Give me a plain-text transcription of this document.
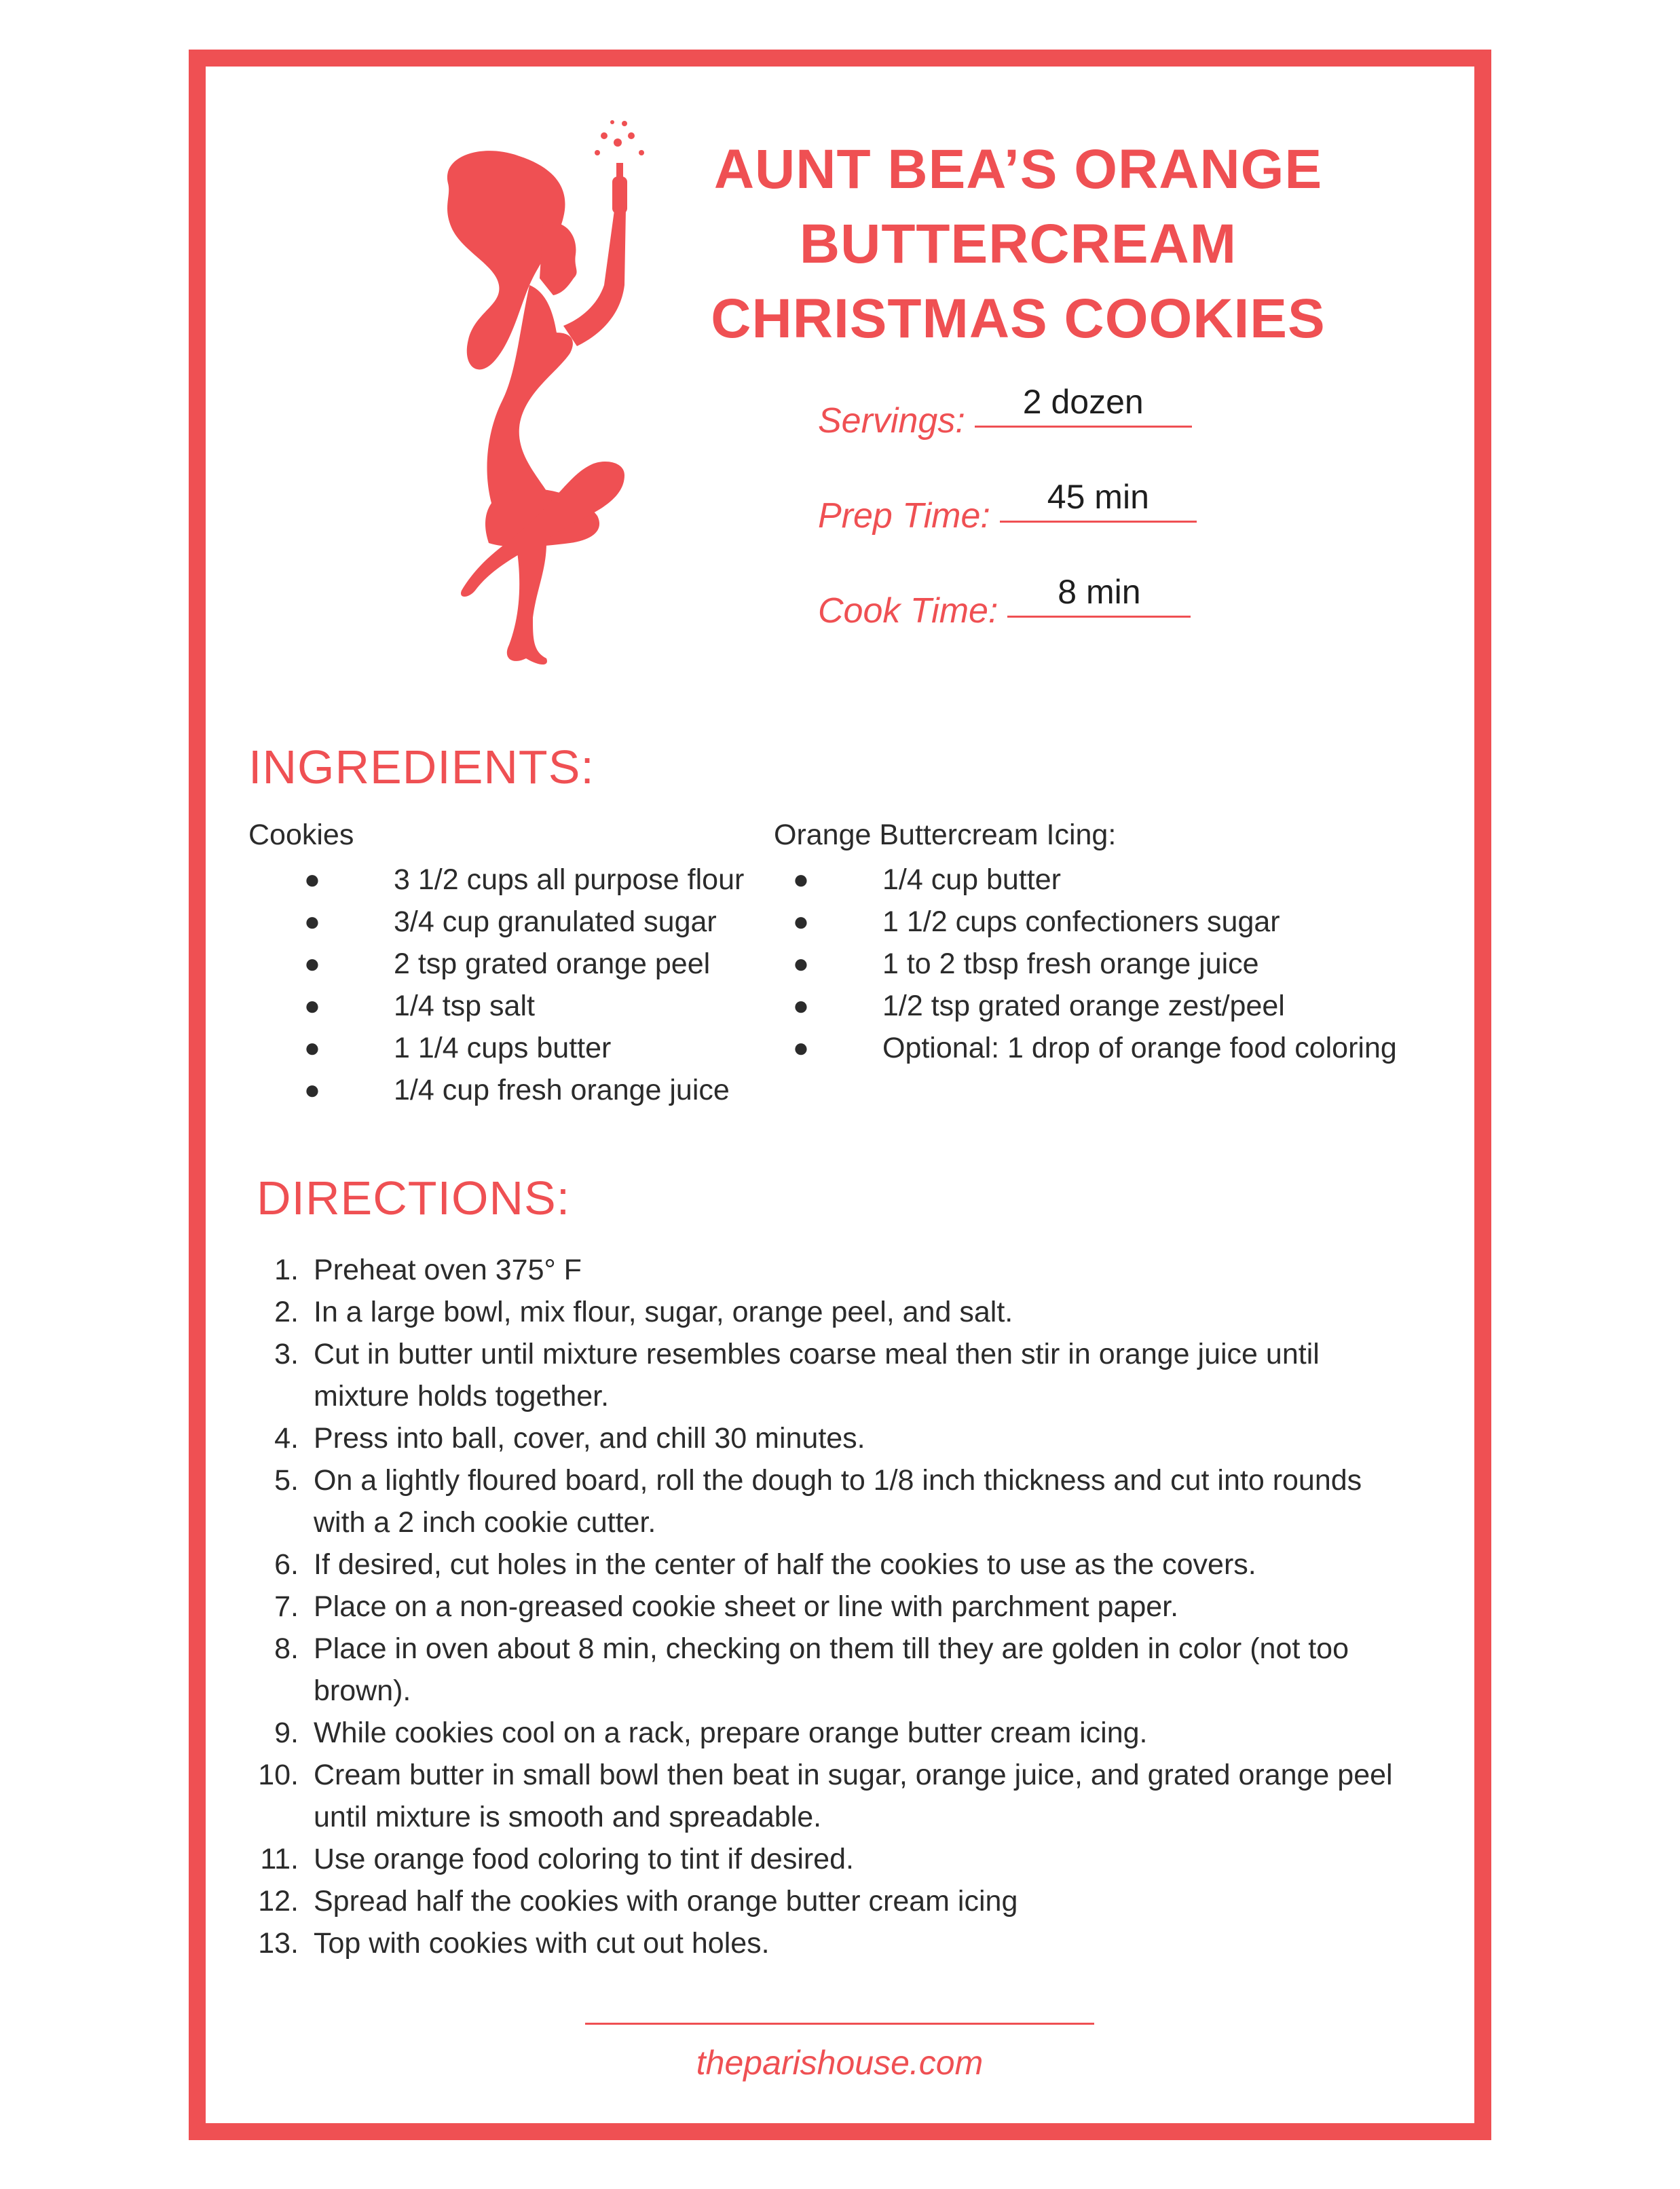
AUNT BEA’S ORANGE
BUTTERCREAM
CHRISTMAS COOKIES
Servings:	2 dozen
Prep Time:	45 min
Cook Time:	8 min
INGREDIENTS:
Cookies
●	3 1/2 cups all purpose flour
●	3/4 cup granulated sugar
●	2 tsp grated orange peel
●	1/4 tsp salt
●	1 1/4 cups butter
●	1/4 cup fresh orange juice
Orange Buttercream Icing:
●	1/4 cup butter
●	1 1/2 cups confectioners sugar
●	1 to 2 tbsp fresh orange juice
●	1/2 tsp grated orange zest/peel
●	Optional: 1 drop of orange food coloring
DIRECTIONS:
1. Preheat oven 375° F
2. In a large bowl, mix flour, sugar, orange peel, and salt.
3. Cut in butter until mixture resembles coarse meal then stir in orange juice until mixture holds together.
4. Press into ball, cover, and chill 30 minutes.
5. On a lightly floured board, roll the dough to 1/8 inch thickness and cut into rounds with a 2 inch cookie cutter.
6. If desired, cut holes in the center of half the cookies to use as the covers.
7. Place on a non-greased cookie sheet or line with parchment paper.
8. Place in oven about 8 min, checking on them till they are golden in color (not too brown).
9. While cookies cool on a rack, prepare orange butter cream icing.
10. Cream butter in small bowl then beat in sugar, orange juice, and grated orange peel until mixture is smooth and spreadable.
11. Use orange food coloring to tint if desired.
12. Spread half the cookies with orange butter cream icing
13. Top with cookies with cut out holes.
theparishouse.com
